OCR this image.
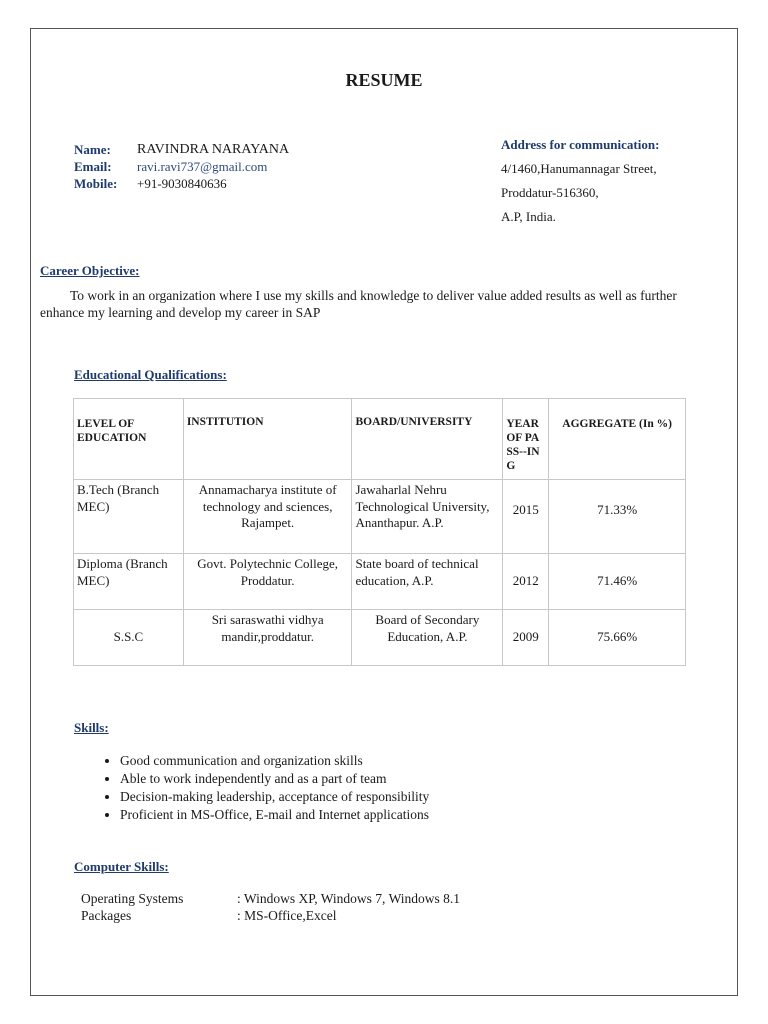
RESUME
Name: RAVINDRA NARAYANA
Email: ravi.ravi737@gmail.com
Mobile: +91-9030840636
Address for communication:
4/1460,Hanumannagar Street,
Proddatur-516360,
A.P, India.
Career Objective:
To work in an organization where I use my skills and knowledge to deliver value added results as well as further enhance my learning and develop my career in SAP
Educational Qualifications:
LEVEL OF EDUCATION	INSTITUTION	BOARD/UNIVERSITY	YEAR OF PASS--ING	AGGREGATE (In %)
B.Tech (Branch MEC)	Annamacharya institute of technology and sciences, Rajampet.	Jawaharlal Nehru Technological University, Ananthapur. A.P.	2015	71.33%
Diploma (Branch MEC)	Govt. Polytechnic College, Proddatur.	State board of technical education, A.P.	2012	71.46%
S.S.C	Sri saraswathi vidhya mandir,proddatur.	Board of Secondary Education, A.P.	2009	75.66%
Skills:
• Good communication and organization skills
• Able to work independently and as a part of team
• Decision-making leadership, acceptance of responsibility
• Proficient in MS-Office, E-mail and Internet applications
Computer Skills:
Operating Systems	: Windows XP, Windows 7, Windows 8.1
Packages	: MS-Office,Excel
